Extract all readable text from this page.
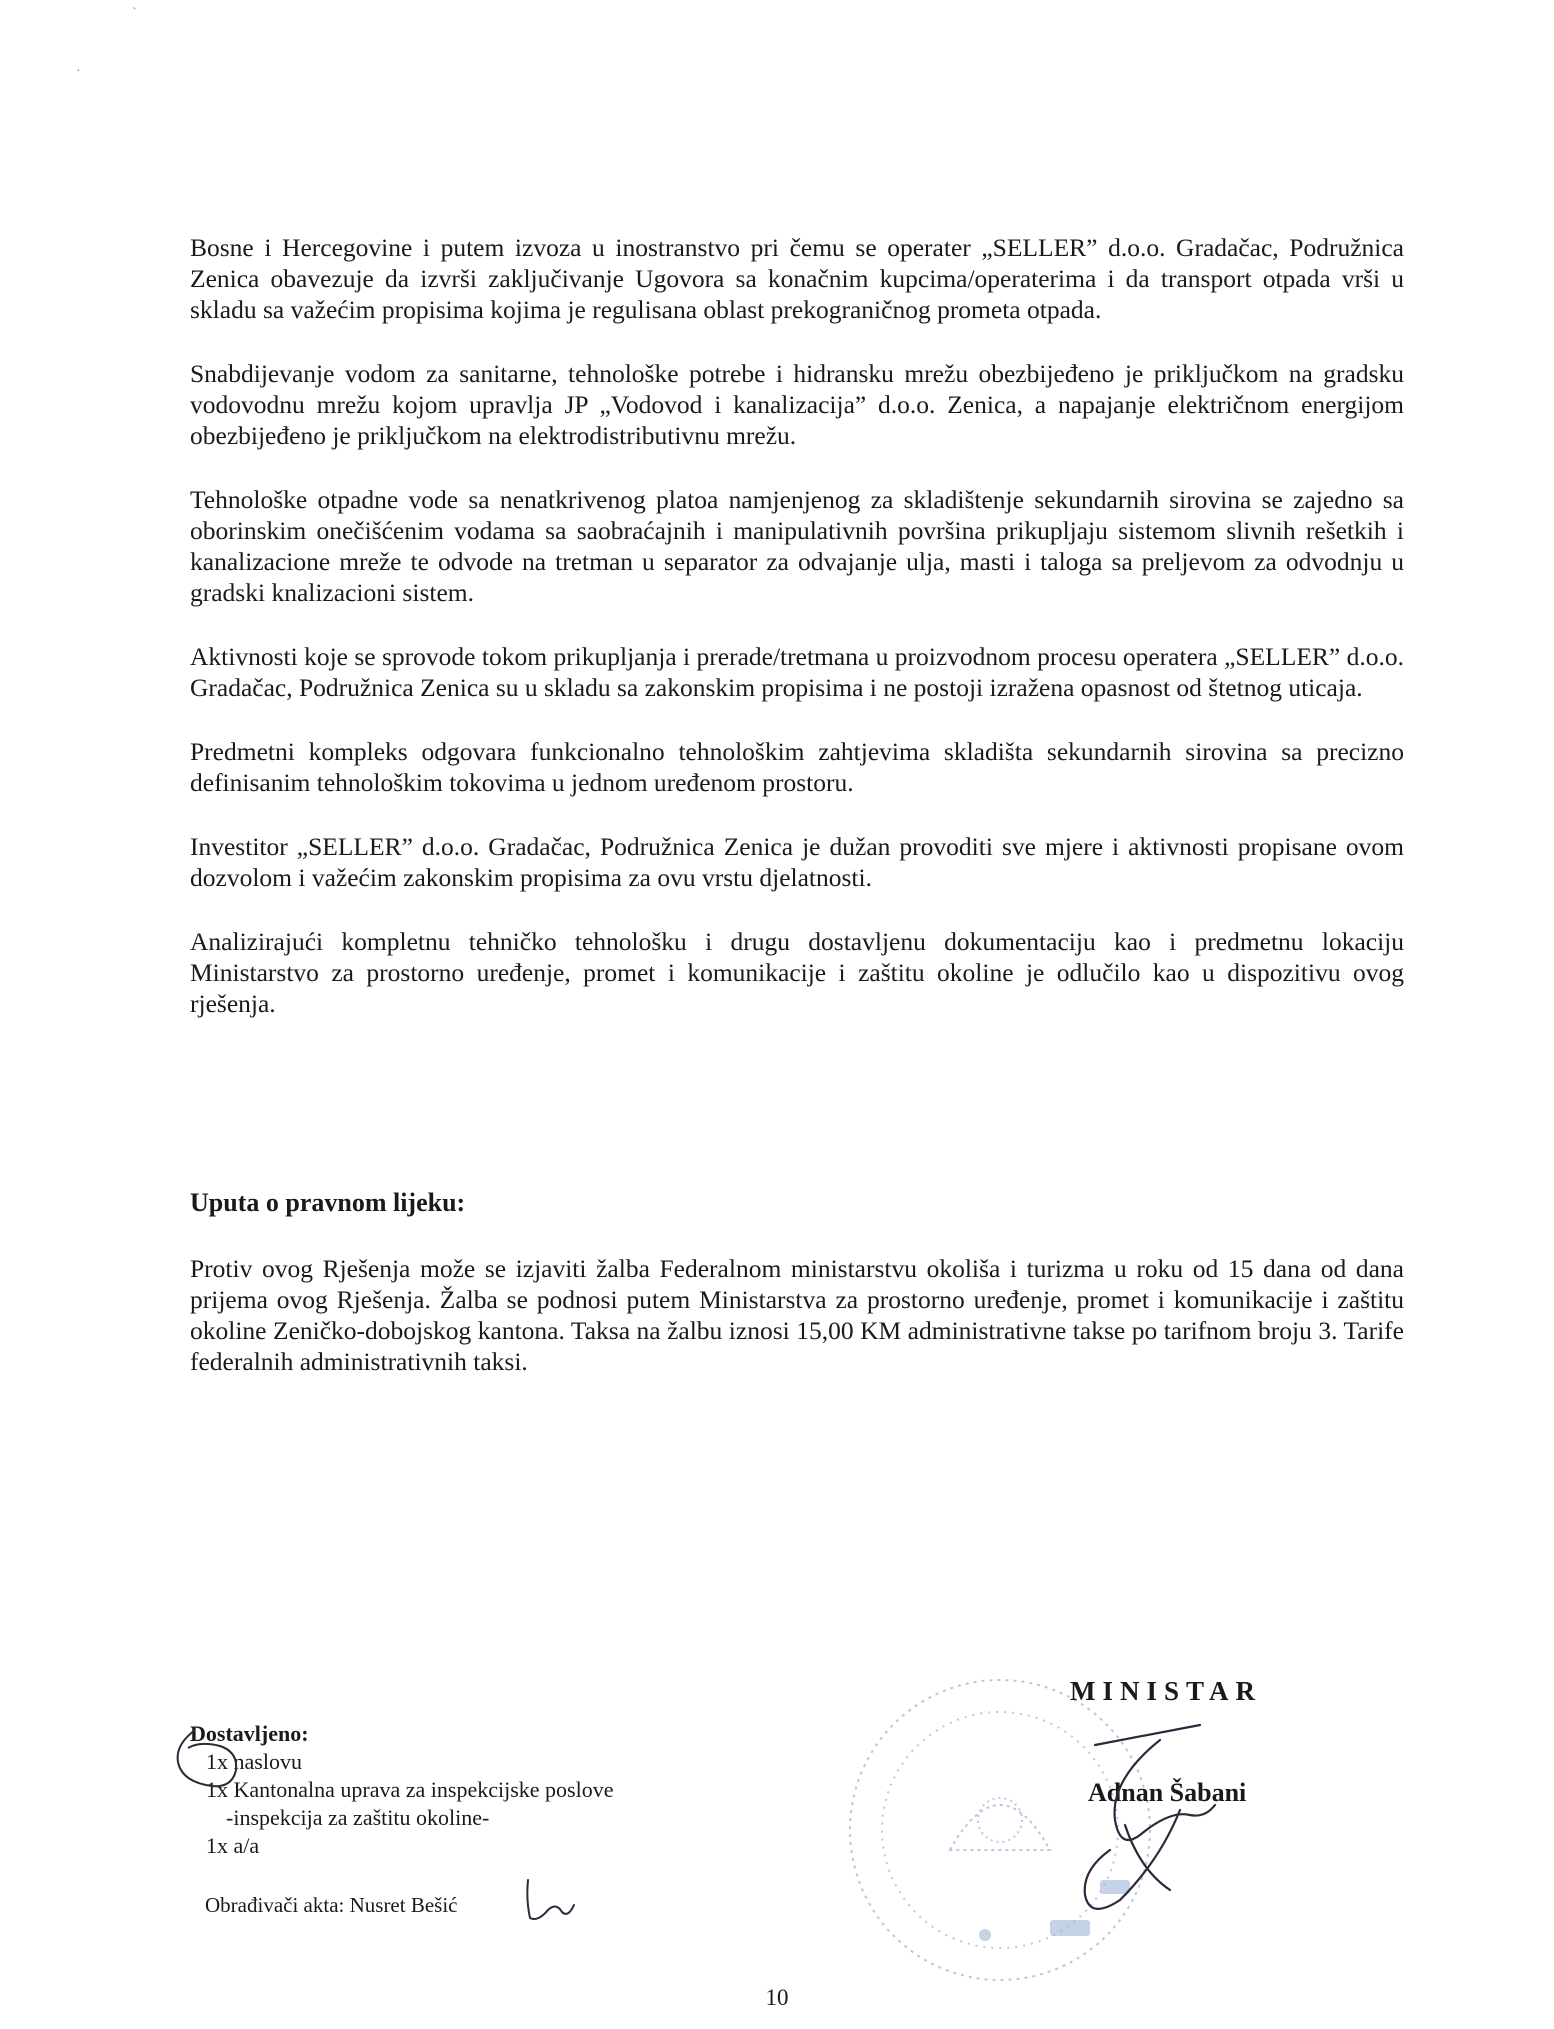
`
·

Bosne i Hercegovine i putem izvoza u inostranstvo pri čemu se operater „SELLER” d.o.o. Gradačac, Podružnica Zenica obavezuje da izvrši zaključivanje Ugovora sa konačnim kupcima/operaterima i da transport otpada vrši u skladu sa važećim propisima kojima je regulisana oblast prekograničnog prometa otpada.

Snabdijevanje vodom za sanitarne, tehnološke potrebe i hidransku mrežu obezbijeđeno je priključkom na gradsku vodovodnu mrežu kojom upravlja JP „Vodovod i kanalizacija” d.o.o. Zenica, a napajanje električnom energijom obezbijeđeno je priključkom na elektrodistributivnu mrežu.

Tehnološke otpadne vode sa nenatkrivenog platoa namjenjenog za skladištenje sekundarnih sirovina se zajedno sa oborinskim onečišćenim vodama sa saobraćajnih i manipulativnih površina prikupljaju sistemom slivnih rešetkih i kanalizacione mreže te odvode na tretman u separator za odvajanje ulja, masti i taloga sa preljevom za odvodnju u gradski knalizacioni sistem.

Aktivnosti koje se sprovode tokom prikupljanja i prerade/tretmana u proizvodnom procesu operatera „SELLER” d.o.o. Gradačac, Podružnica Zenica su u skladu sa zakonskim propisima i ne postoji izražena opasnost od štetnog uticaja.

Predmetni kompleks odgovara funkcionalno tehnološkim zahtjevima skladišta sekundarnih sirovina sa precizno definisanim tehnološkim tokovima u jednom uređenom prostoru.

Investitor „SELLER” d.o.o. Gradačac, Podružnica Zenica je dužan provoditi sve mjere i aktivnosti propisane ovom dozvolom i važećim zakonskim propisima za ovu vrstu djelatnosti.

Analizirajući kompletnu tehničko tehnološku i drugu dostavljenu dokumentaciju kao i predmetnu lokaciju Ministarstvo za prostorno uređenje, promet i komunikacije i zaštitu okoline je odlučilo kao u dispozitivu ovog rješenja.

Uputa o pravnom lijeku:

Protiv ovog Rješenja može se izjaviti žalba Federalnom ministarstvu okoliša i turizma u roku od 15 dana od dana prijema ovog Rješenja. Žalba se podnosi putem Ministarstva za prostorno uređenje, promet i komunikacije i zaštitu okoline Zeničko-dobojskog kantona. Taksa na žalbu iznosi 15,00 KM administrativne takse po tarifnom broju 3. Tarife federalnih administrativnih taksi.

MINISTAR
Adnan Šabani
Dostavljeno:
1x naslovu
1x Kantonalna uprava za inspekcijske poslove
-inspekcija za zaštitu okoline-
1x a/a
Obrađivači akta: Nusret Bešić
10
